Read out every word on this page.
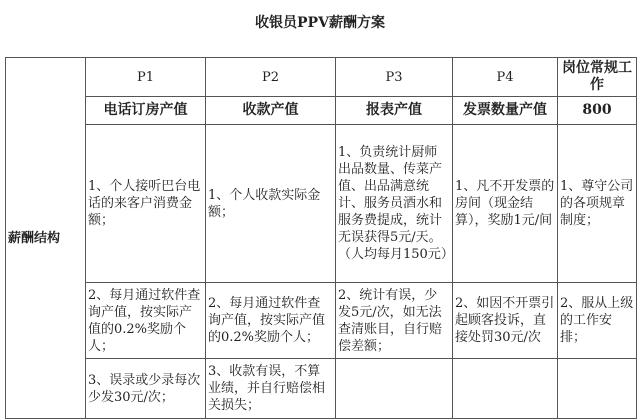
收银员PPV薪酬方案
薪酬结构	P1	P2	P3	P4	岗位常规工作
	电话订房产值	收款产值	报表产值	发票数量产值	800
	1、个人接听巴台电话的来客户消费金额；	1、个人收款实际金额；	1、负责统计厨师出品数量、传菜产值、出品满意统计、服务员酒水和服务费提成，统计无误获得5元/天。（人均每月150元）	1、凡不开发票的房间（现金结算），奖励1元/间	1、尊守公司的各项规章制度；
	2、每月通过软件查询产值，按实际产值的0.2%奖励个人；	2、每月通过软件查询产值，按实际产值的0.2%奖励个人；	2、统计有误，少发5元/次，如无法查清账目，自行赔偿差额；	2、如因不开票引起顾客投诉，直接处罚30元/次	2、服从上级的工作安排；
	3、误录或少录每次少发30元/次；	3、收款有误，不算业绩，并自行赔偿相关损失；			
